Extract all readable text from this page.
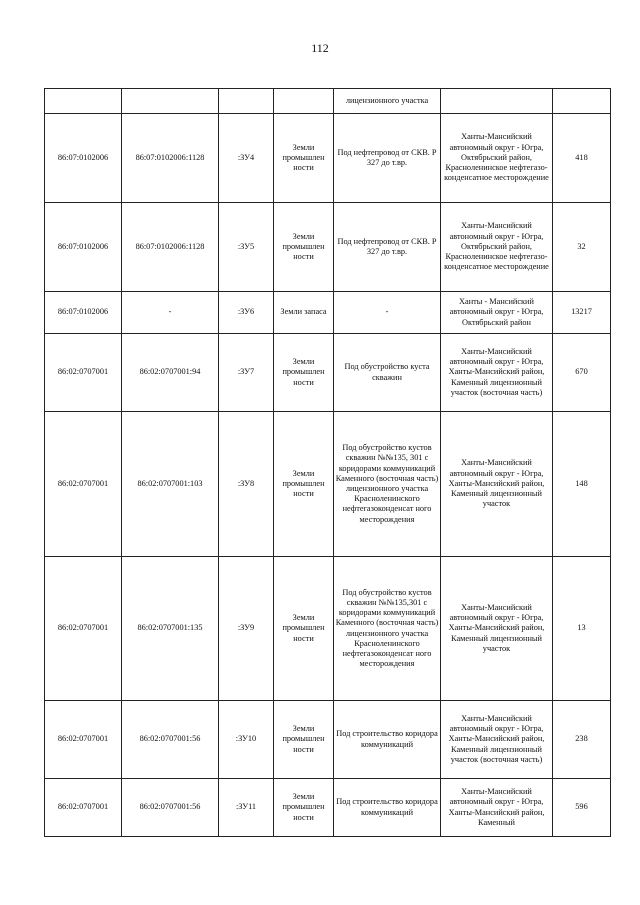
112
				лицензионного участка		
86:07:0102006	86:07:0102006:1128	:ЗУ4	Земли промышлен ности	Под нефтепровод от СКВ. Р 327 до т.вр.	Ханты-Мансийский автономный округ - Югра, Октябрьский район, Красноленинское нефтегазо- конденсатное месторождение	418
86:07:0102006	86:07:0102006:1128	:ЗУ5	Земли промышлен ности	Под нефтепровод от СКВ. Р 327 до т.вр.	Ханты-Мансийский автономный округ - Югра, Октябрьский район, Красноленинское нефтегазо- конденсатное месторождение	32
86:07:0102006	-	:ЗУ6	Земли запаса	-	Ханты - Мансийский автономный округ - Югра, Октябрьский район	13217
86:02:0707001	86:02:0707001:94	:ЗУ7	Земли промышлен ности	Под обустройство куста скважин	Ханты-Мансийский автономный округ - Югра, Ханты-Мансийский район, Каменный лицензионный участок (восточная часть)	670
86:02:0707001	86:02:0707001:103	:ЗУ8	Земли промышлен ности	Под обустройство кустов скважин №№135, 301 с коридорами коммуникаций Каменного (восточная часть) лицензионного участка Красноленинского нефтегазоконденсат ного месторождения	Ханты-Мансийский автономный округ - Югра, Ханты-Мансийский район, Каменный лицензионный участок	148
86:02:0707001	86:02:0707001:135	:ЗУ9	Земли промышлен ности	Под обустройство кустов скважин №№135,301 с коридорами коммуникаций Каменного (восточная часть) лицензионного участка Красноленинского нефтегазоконденсат ного месторождения	Ханты-Мансийский автономный округ - Югра, Ханты-Мансийский район, Каменный лицензионный участок	13
86:02:0707001	86:02:0707001:56	:ЗУ10	Земли промышлен ности	Под строительство коридора коммуникаций	Ханты-Мансийский автономный округ - Югра, Ханты-Мансийский район, Каменный лицензионный участок (восточная часть)	238
86:02:0707001	86:02:0707001:56	:ЗУ11	Земли промышлен ности	Под строительство коридора коммуникаций	Ханты-Мансийский автономный округ - Югра, Ханты-Мансийский район, Каменный	596
